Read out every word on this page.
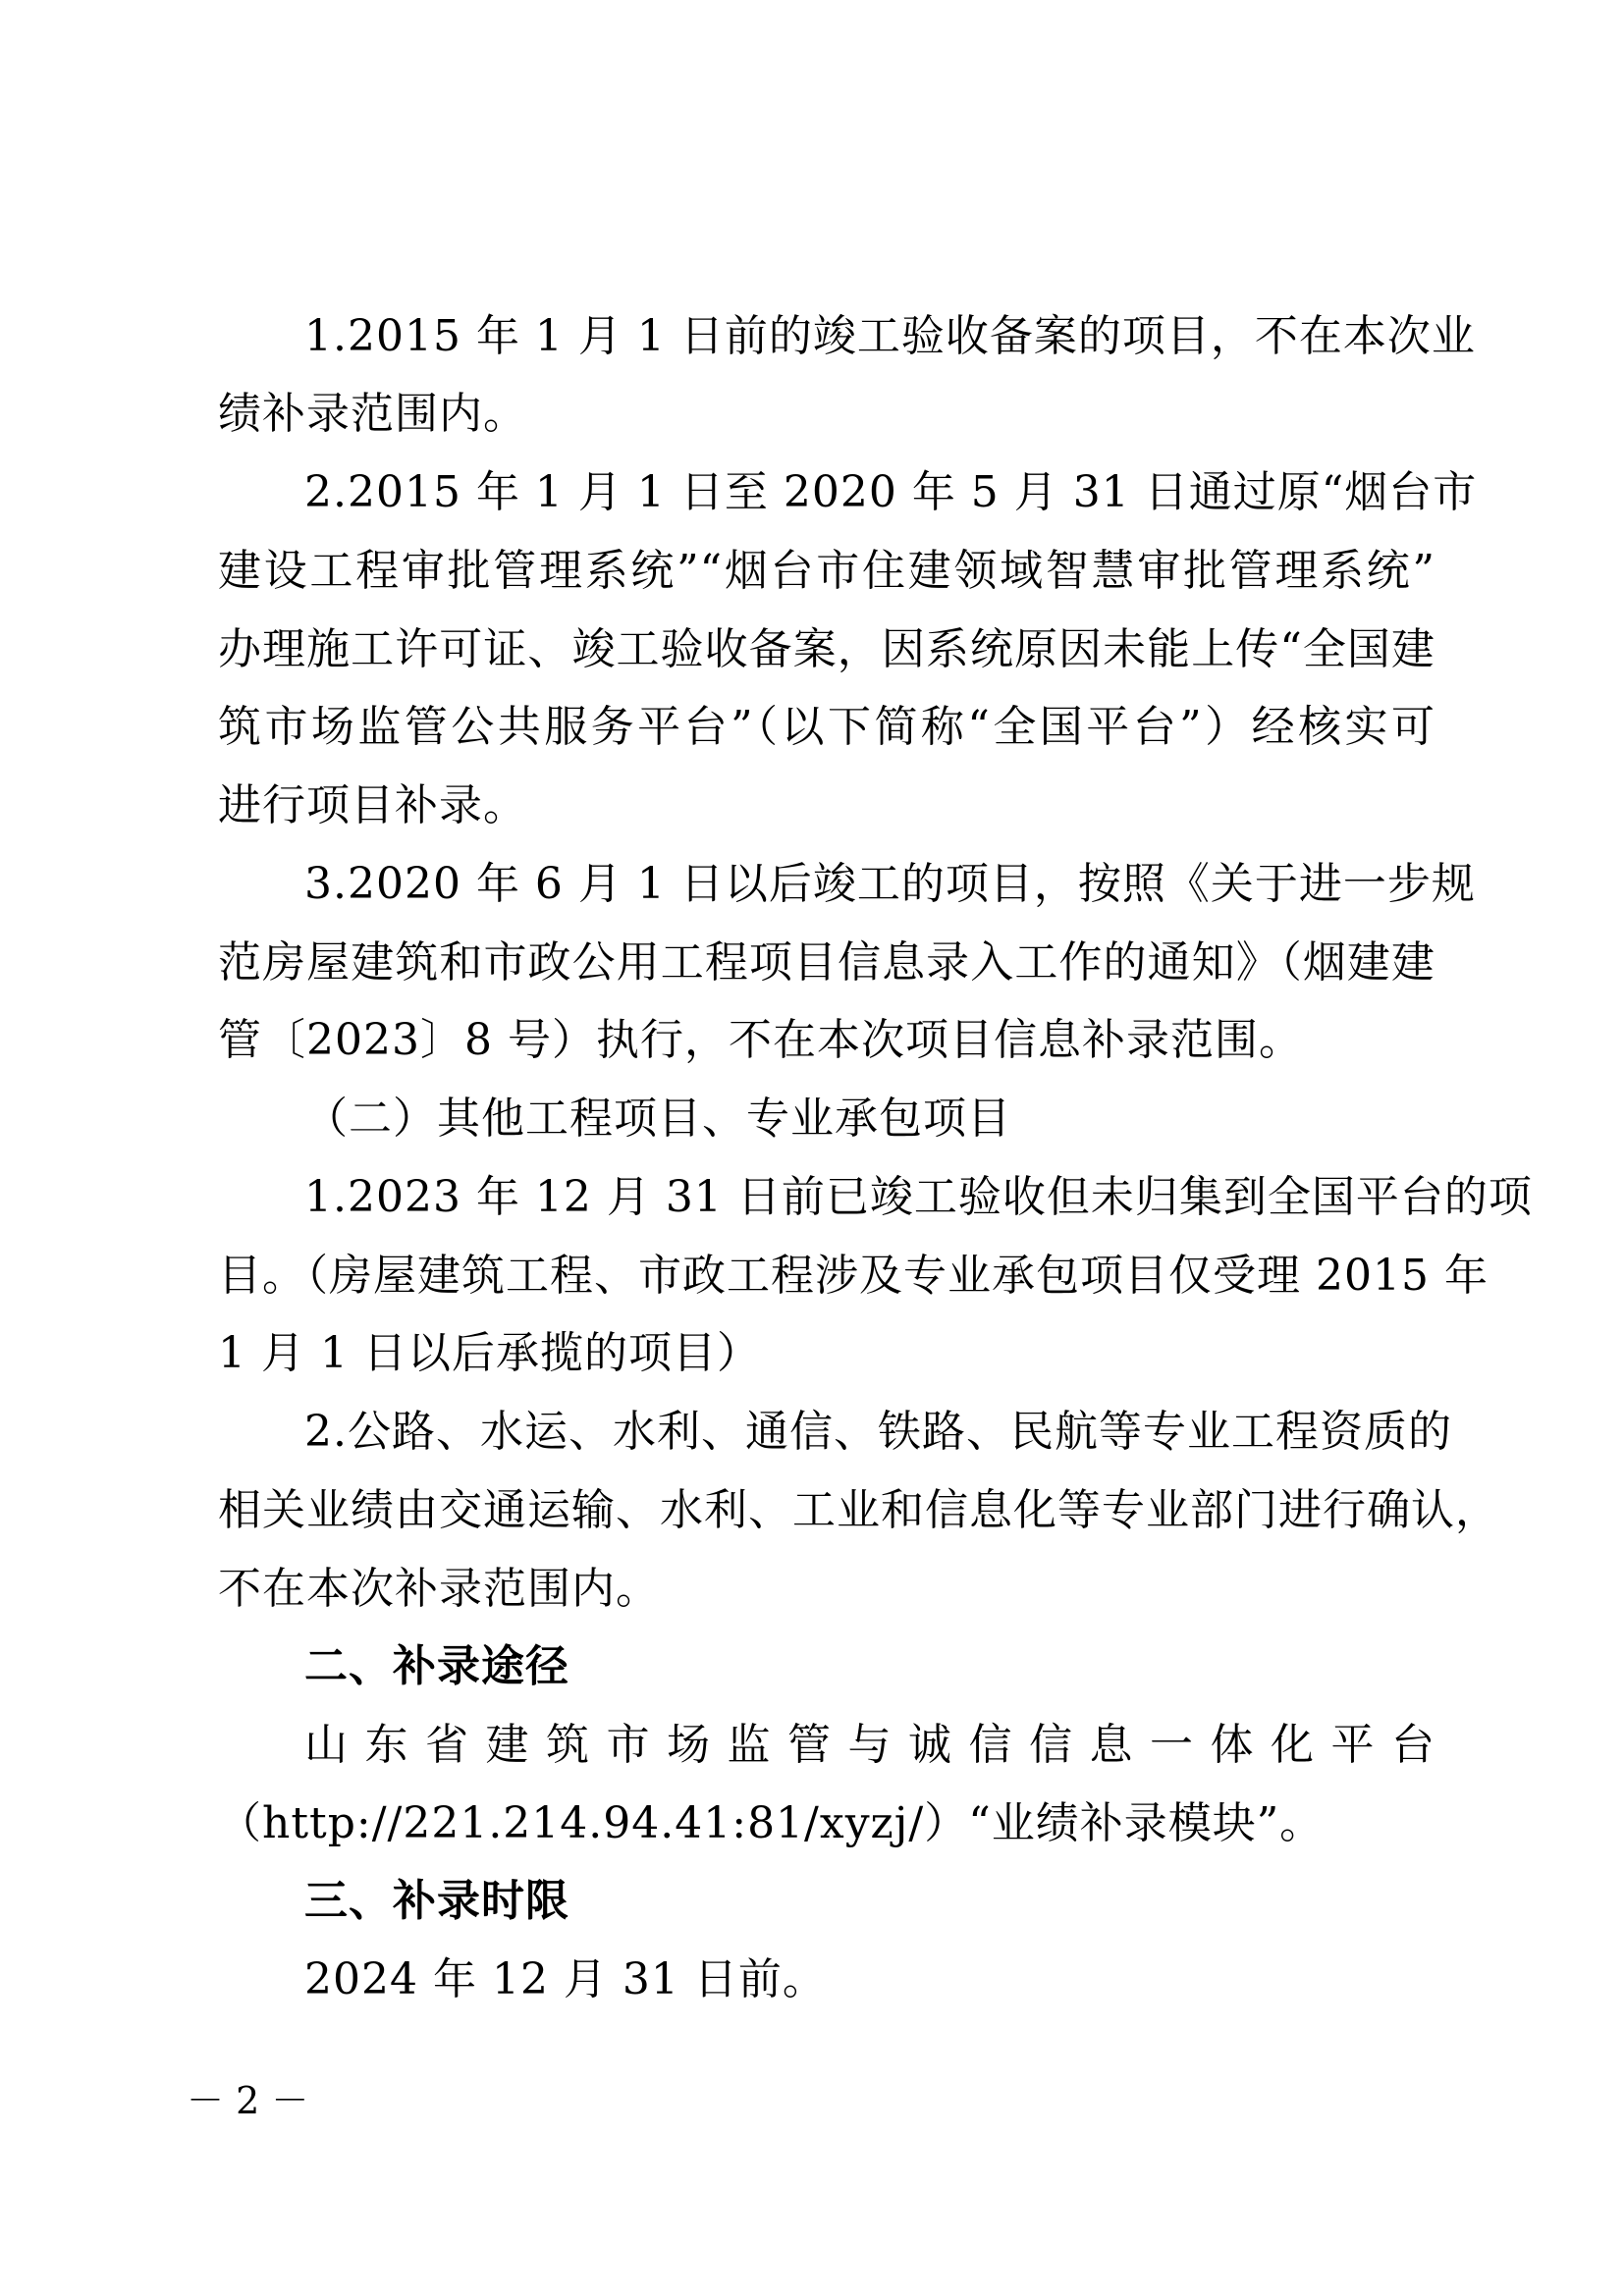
1.2015 年 1 月 1 日前的竣工验收备案的项目，不在本次业
绩补录范围内。
2.2015 年 1 月 1 日至 2020 年 5 月 31 日通过原“烟台市
建设工程审批管理系统”“烟台市住建领域智慧审批管理系统”
办理施工许可证、竣工验收备案，因系统原因未能上传“全国建
筑市场监管公共服务平台”（以下简称“全国平台”）经核实可
进行项目补录。
3.2020 年 6 月 1 日以后竣工的项目，按照《关于进一步规
范房屋建筑和市政公用工程项目信息录入工作的通知》（烟建建
管〔2023〕8 号）执行，不在本次项目信息补录范围。
（二）其他工程项目、专业承包项目
1.2023 年 12 月 31 日前已竣工验收但未归集到全国平台的项
目。（房屋建筑工程、市政工程涉及专业承包项目仅受理 2015 年
1 月 1 日以后承揽的项目）
2.公路、水运、水利、通信、铁路、民航等专业工程资质的
相关业绩由交通运输、水利、工业和信息化等专业部门进行确认，
不在本次补录范围内。
二、补录途径
山东省建筑市场监管与诚信信息一体化平台
（http://221.214.94.41:81/xyzj/）“业绩补录模块”。
三、补录时限
2024 年 12 月 31 日前。
－ 2 －
